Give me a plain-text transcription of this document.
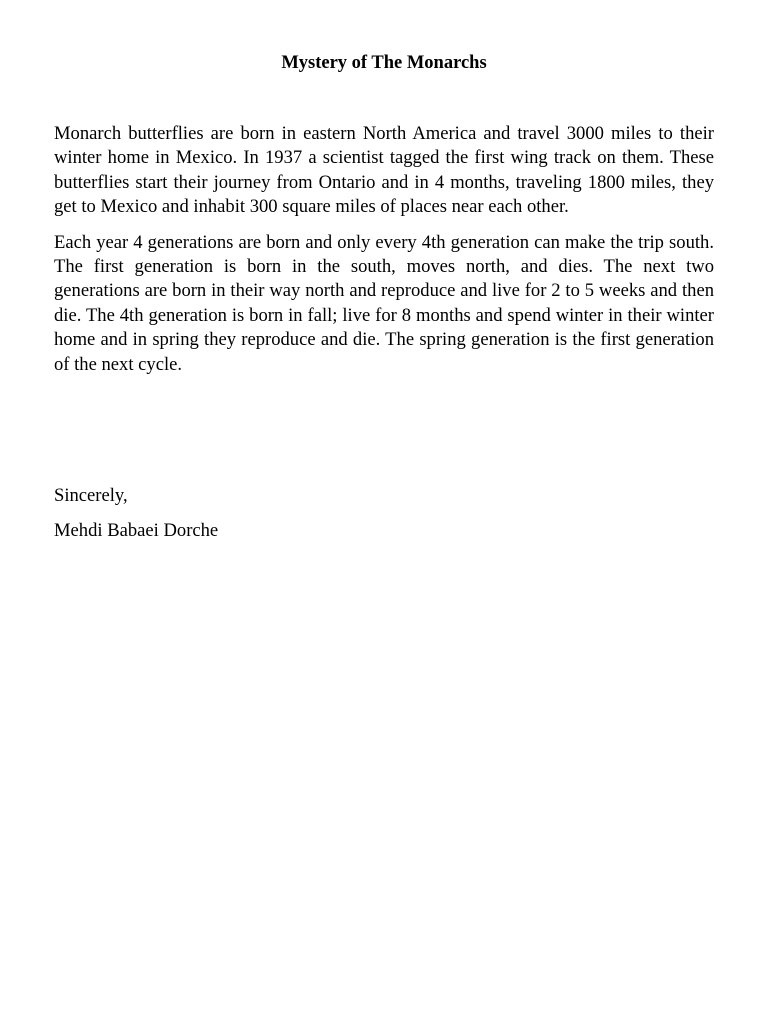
Mystery of The Monarchs

Monarch butterflies are born in eastern North America and travel 3000 miles to their winter home in Mexico. In 1937 a scientist tagged the first wing track on them. These butterflies start their journey from Ontario and in 4 months, traveling 1800 miles, they get to Mexico and inhabit 300 square miles of places near each other.

Each year 4 generations are born and only every 4th generation can make the trip south. The first generation is born in the south, moves north, and dies. The next two generations are born in their way north and reproduce and live for 2 to 5 weeks and then die. The 4th generation is born in fall; live for 8 months and spend winter in their winter home and in spring they reproduce and die. The spring generation is the first generation of the next cycle.

Sincerely,

Mehdi Babaei Dorche
